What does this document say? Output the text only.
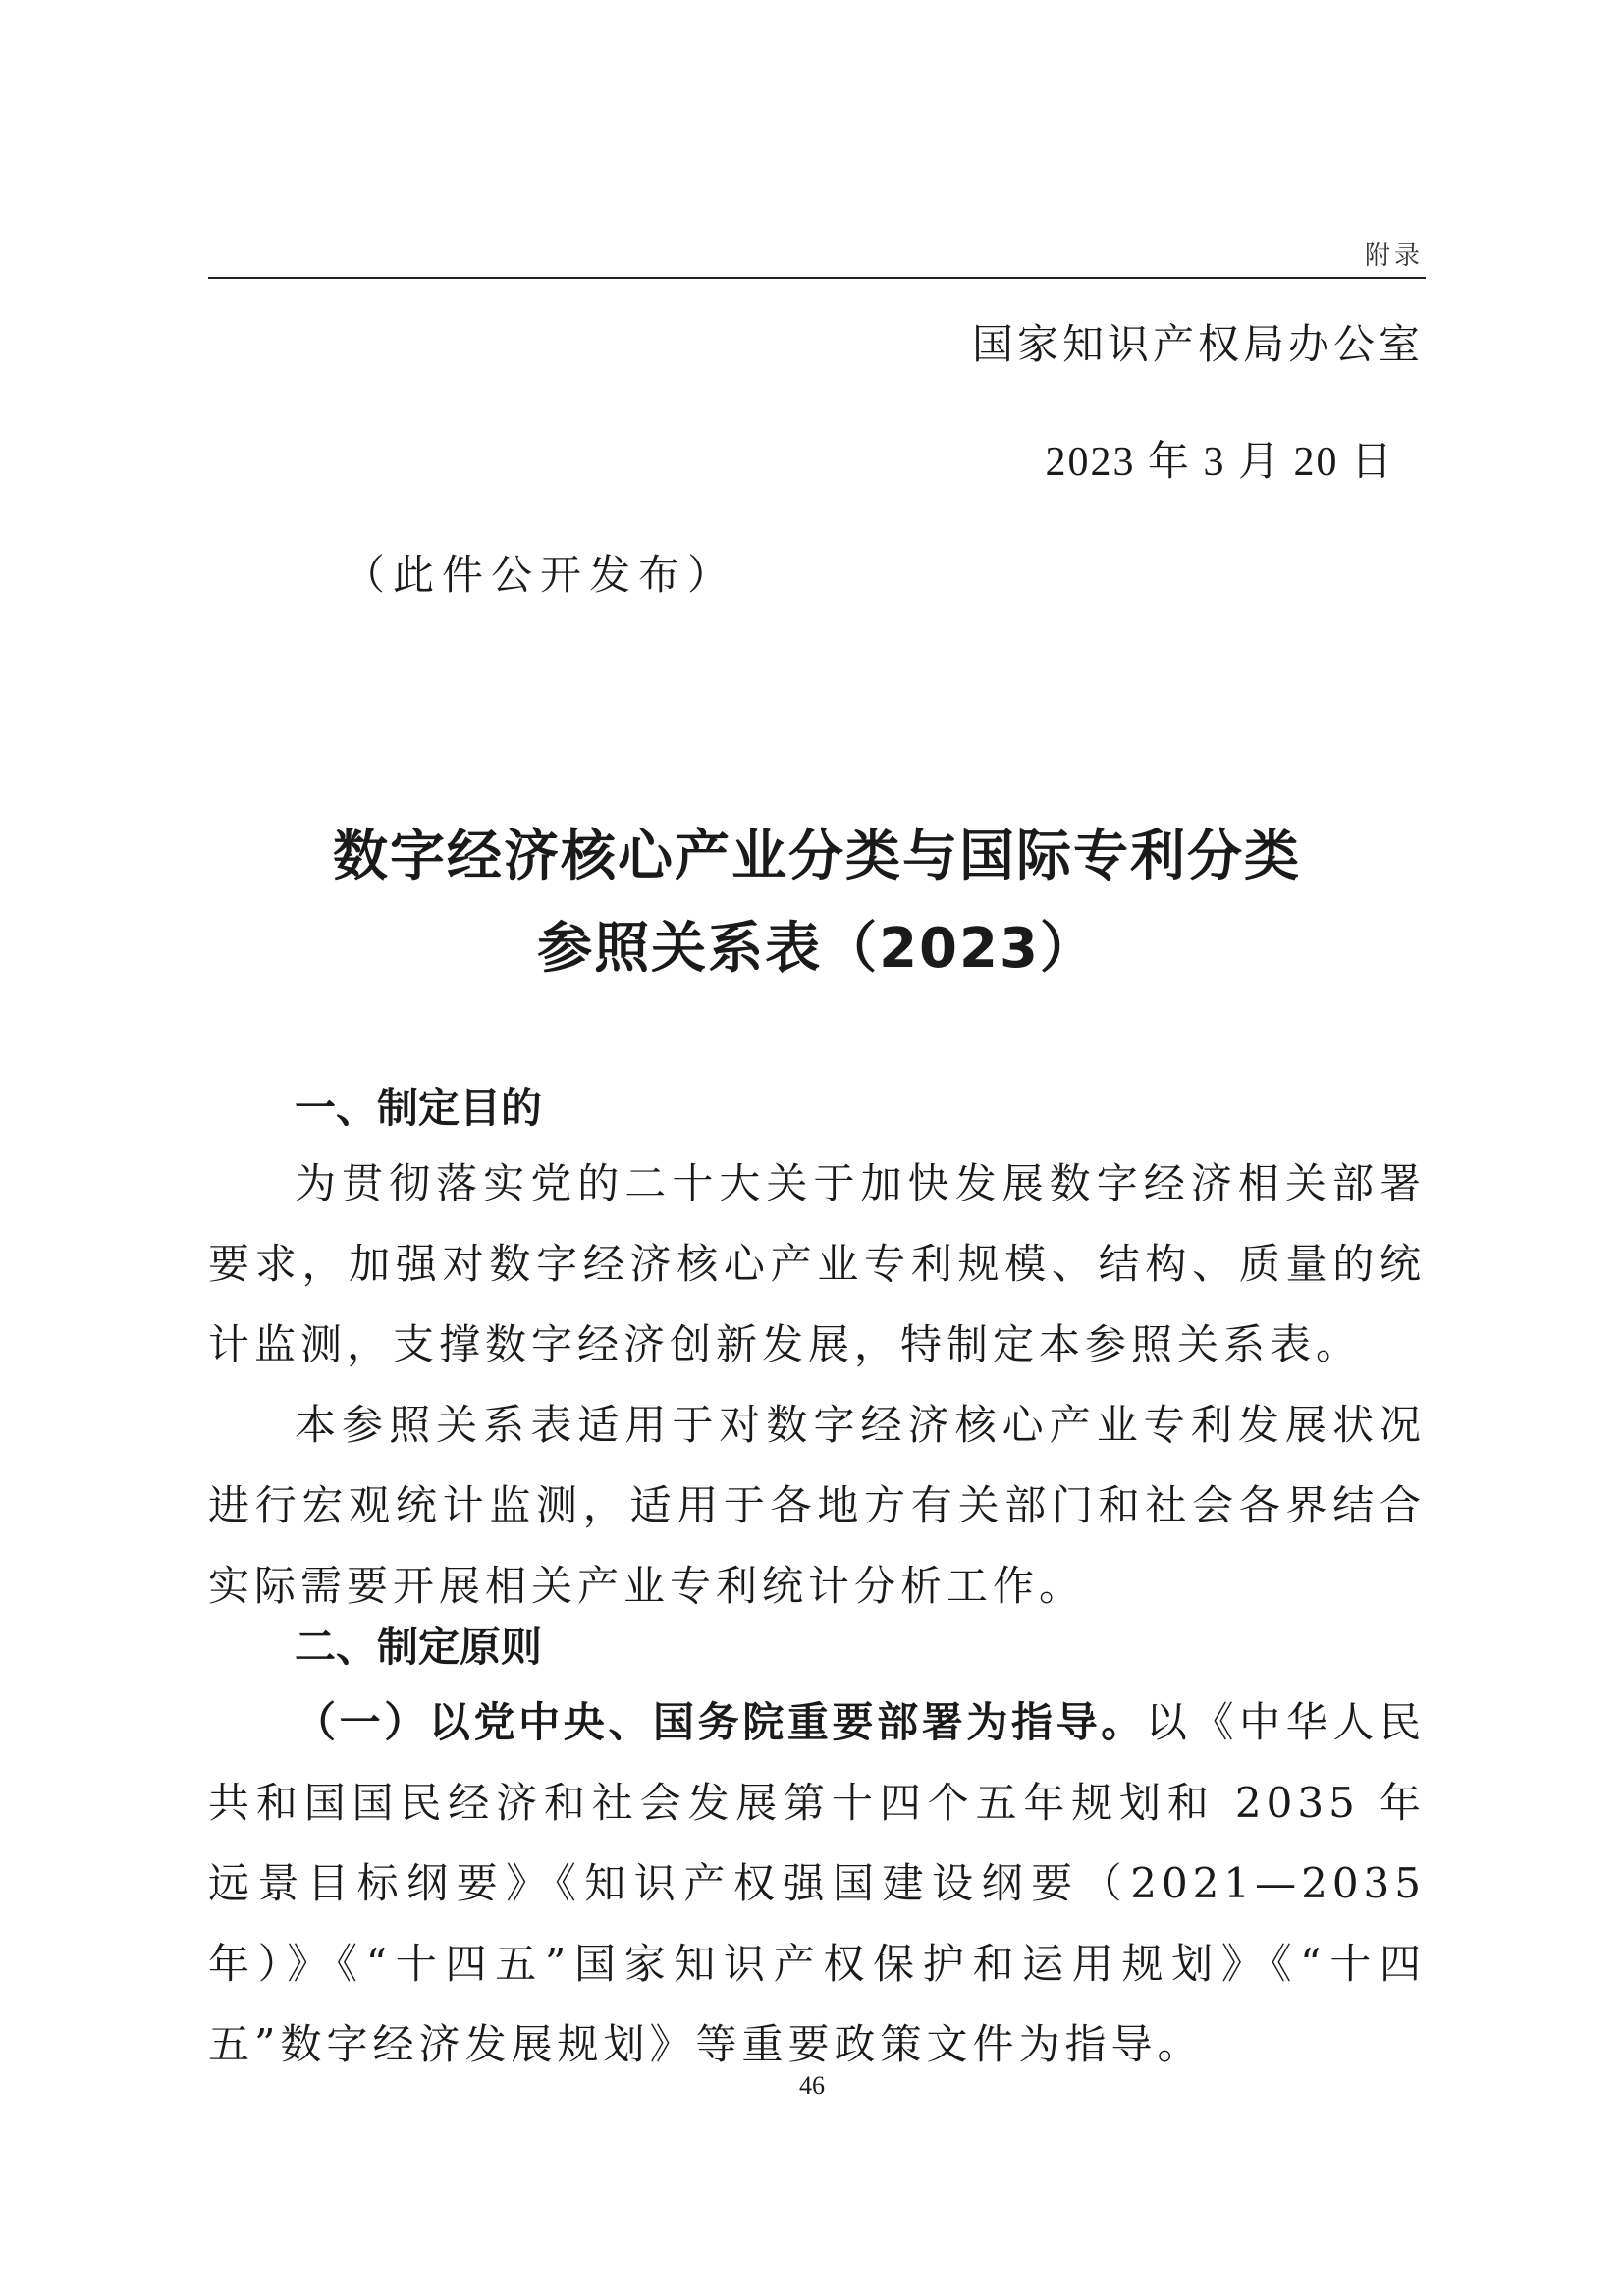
附录
国家知识产权局办公室
2023 年 3 月 20 日
（此件公开发布）
数字经济核心产业分类与国际专利分类
参照关系表（2023）
一、制定目的
为贯彻落实党的二十大关于加快发展数字经济相关部署要求，加强对数字经济核心产业专利规模、结构、质量的统计监测，支撑数字经济创新发展，特制定本参照关系表。
本参照关系表适用于对数字经济核心产业专利发展状况进行宏观统计监测，适用于各地方有关部门和社会各界结合实际需要开展相关产业专利统计分析工作。
二、制定原则
（一）以党中央、国务院重要部署为指导。以《中华人民共和国国民经济和社会发展第十四个五年规划和 2035 年远景目标纲要》《知识产权强国建设纲要（2021—2035 年）》《“十四五”国家知识产权保护和运用规划》《“十四五”数字经济发展规划》等重要政策文件为指导。
46
